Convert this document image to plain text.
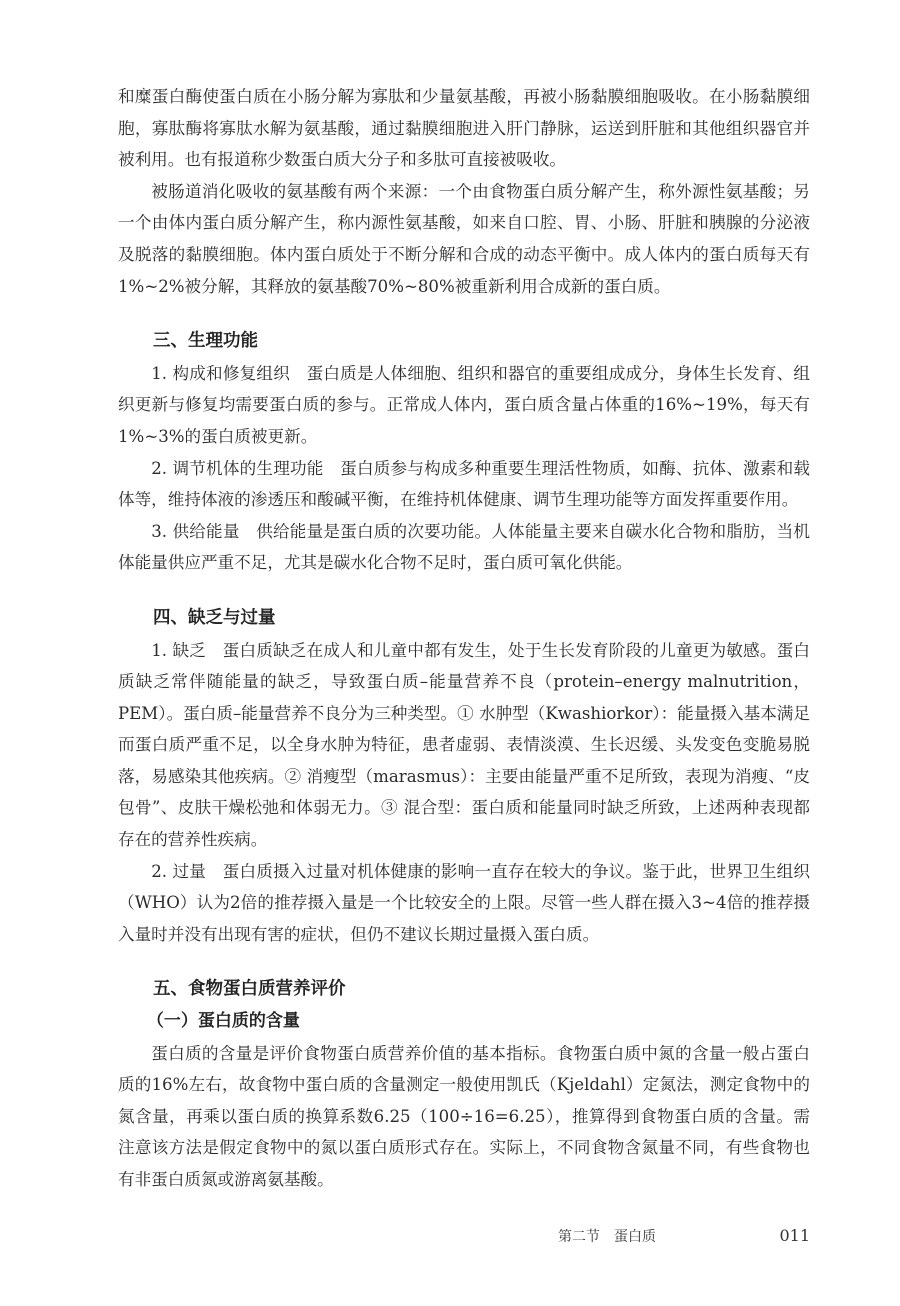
和糜蛋白酶使蛋白质在小肠分解为寡肽和少量氨基酸，再被小肠黏膜细胞吸收。在小肠黏膜细胞，寡肽酶将寡肽水解为氨基酸，通过黏膜细胞进入肝门静脉，运送到肝脏和其他组织器官并被利用。也有报道称少数蛋白质大分子和多肽可直接被吸收。

被肠道消化吸收的氨基酸有两个来源：一个由食物蛋白质分解产生，称外源性氨基酸；另一个由体内蛋白质分解产生，称内源性氨基酸，如来自口腔、胃、小肠、肝脏和胰腺的分泌液及脱落的黏膜细胞。体内蛋白质处于不断分解和合成的动态平衡中。成人体内的蛋白质每天有1%~2%被分解，其释放的氨基酸70%~80%被重新利用合成新的蛋白质。

三、生理功能

1. 构成和修复组织 蛋白质是人体细胞、组织和器官的重要组成成分，身体生长发育、组织更新与修复均需要蛋白质的参与。正常成人体内，蛋白质含量占体重的16%~19%，每天有1%~3%的蛋白质被更新。

2. 调节机体的生理功能 蛋白质参与构成多种重要生理活性物质，如酶、抗体、激素和载体等，维持体液的渗透压和酸碱平衡，在维持机体健康、调节生理功能等方面发挥重要作用。

3. 供给能量 供给能量是蛋白质的次要功能。人体能量主要来自碳水化合物和脂肪，当机体能量供应严重不足，尤其是碳水化合物不足时，蛋白质可氧化供能。

四、缺乏与过量

1. 缺乏 蛋白质缺乏在成人和儿童中都有发生，处于生长发育阶段的儿童更为敏感。蛋白质缺乏常伴随能量的缺乏，导致蛋白质–能量营养不良（protein–energy malnutrition，PEM）。蛋白质–能量营养不良分为三种类型。① 水肿型（Kwashiorkor）：能量摄入基本满足而蛋白质严重不足，以全身水肿为特征，患者虚弱、表情淡漠、生长迟缓、头发变色变脆易脱落，易感染其他疾病。② 消瘦型（marasmus）：主要由能量严重不足所致，表现为消瘦、“皮包骨”、皮肤干燥松弛和体弱无力。③ 混合型：蛋白质和能量同时缺乏所致，上述两种表现都存在的营养性疾病。

2. 过量 蛋白质摄入过量对机体健康的影响一直存在较大的争议。鉴于此，世界卫生组织（WHO）认为2倍的推荐摄入量是一个比较安全的上限。尽管一些人群在摄入3~4倍的推荐摄入量时并没有出现有害的症状，但仍不建议长期过量摄入蛋白质。

五、食物蛋白质营养评价
（一）蛋白质的含量

蛋白质的含量是评价食物蛋白质营养价值的基本指标。食物蛋白质中氮的含量一般占蛋白质的16%左右，故食物中蛋白质的含量测定一般使用凯氏（Kjeldahl）定氮法，测定食物中的氮含量，再乘以蛋白质的换算系数6.25（100÷16=6.25），推算得到食物蛋白质的含量。需注意该方法是假定食物中的氮以蛋白质形式存在。实际上，不同食物含氮量不同，有些食物也有非蛋白质氮或游离氨基酸。

第二节　蛋白质	011
